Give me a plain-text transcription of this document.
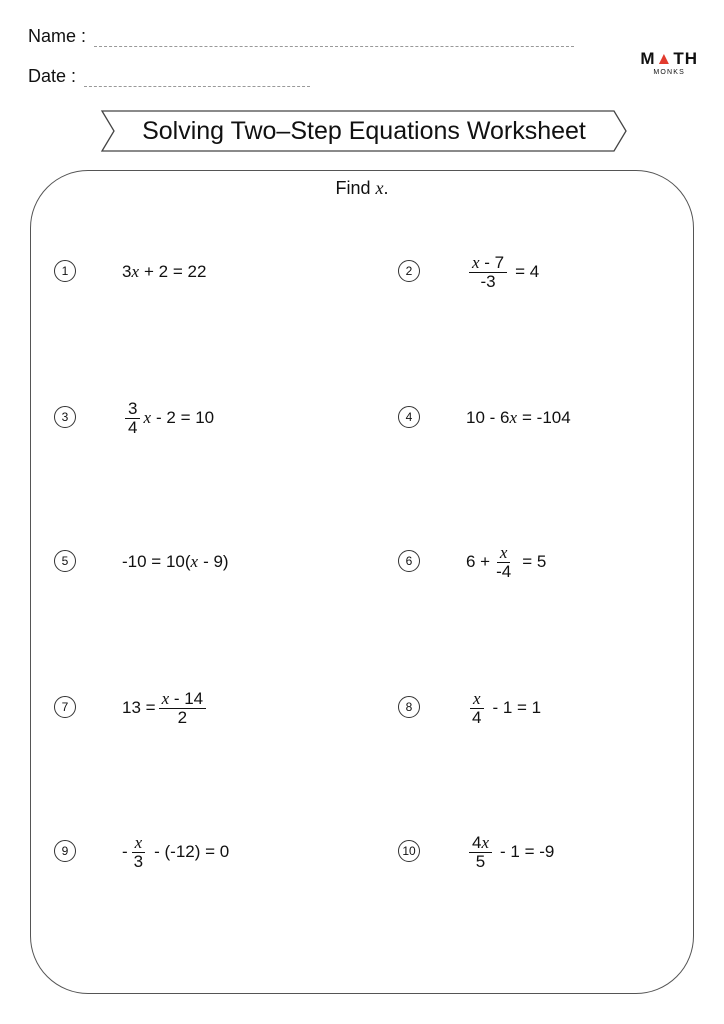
Name :
Date :
M▲TH
MONKS
Solving Two–Step Equations Worksheet
Find x.
1	3 x + 2 = 22	2	$\frac{x - 7}{-3} = 4$
3	$\frac{3}{4}$ x - 2 = 10	4	10 - 6 x = -104
5	-10 = 10( x - 9)	6	$6 + \frac{x}{-4} = 5$
7	$13 = \frac{x - 14}{2}$	8	$\frac{x}{4} - 1 = 1$
9	- $\frac{x}{3} - (-12) = 0$	10	$\frac{4x}{5} - 1 = -9$
